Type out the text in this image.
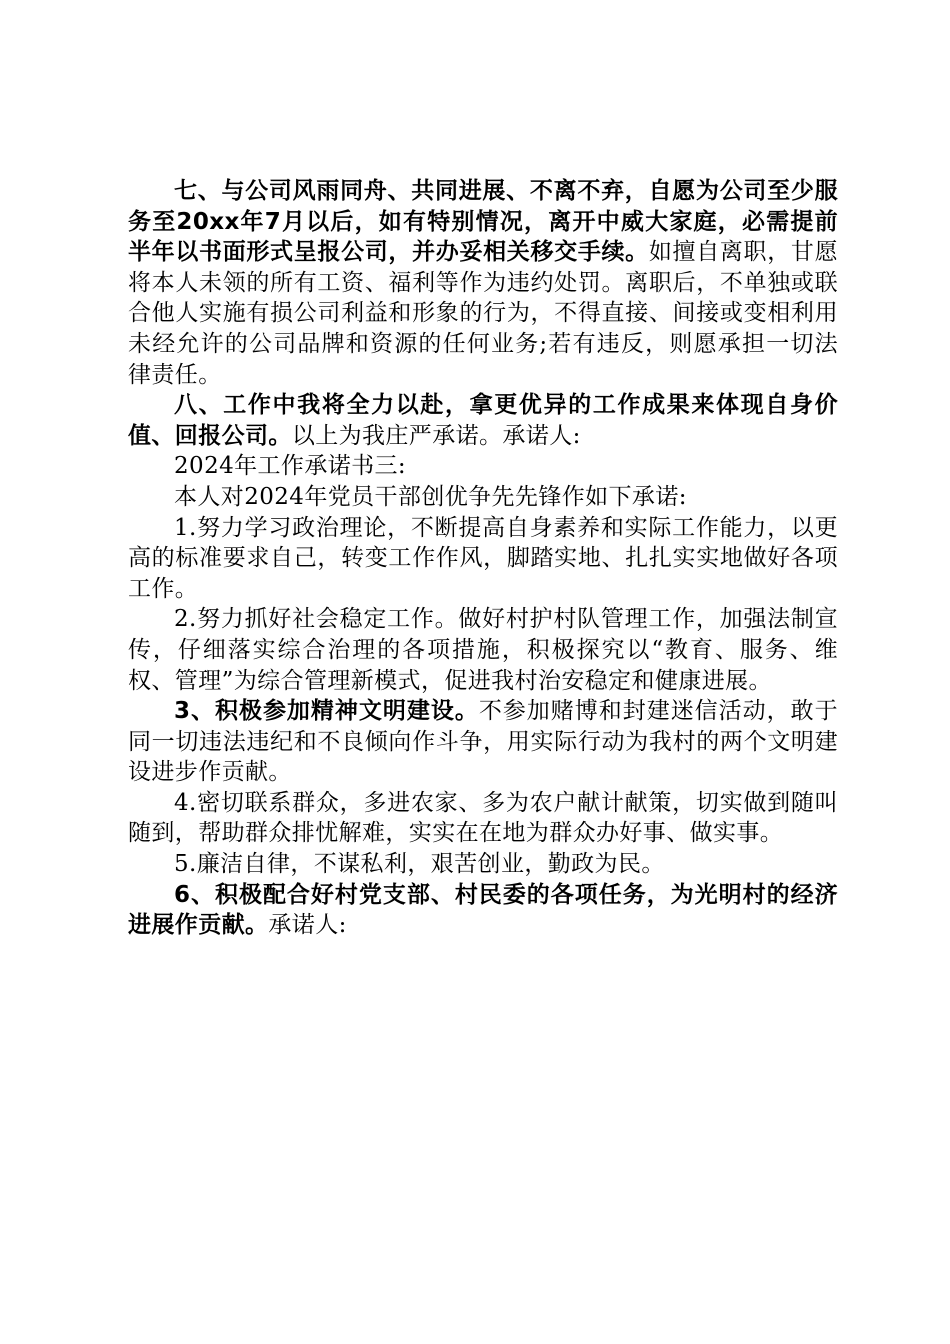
七、与公司风雨同舟、共同进展、不离不弃，自愿为公司至少服务至20xx年7月以后，如有特别情况，离开中威大家庭，必需提前半年以书面形式呈报公司，并办妥相关移交手续。如擅自离职，甘愿将本人未领的所有工资、福利等作为违约处罚。离职后，不单独或联合他人实施有损公司利益和形象的行为，不得直接、间接或变相利用未经允许的公司品牌和资源的任何业务;若有违反，则愿承担一切法律责任。

八、工作中我将全力以赴，拿更优异的工作成果来体现自身价值、回报公司。以上为我庄严承诺。承诺人:

2024年工作承诺书三:

本人对2024年党员干部创优争先先锋作如下承诺:

1.努力学习政治理论，不断提高自身素养和实际工作能力，以更高的标准要求自己，转变工作作风，脚踏实地、扎扎实实地做好各项工作。

2.努力抓好社会稳定工作。做好村护村队管理工作，加强法制宣传，仔细落实综合治理的各项措施，积极探究以“教育、服务、维权、管理”为综合管理新模式，促进我村治安稳定和健康进展。

3、积极参加精神文明建设。不参加赌博和封建迷信活动，敢于同一切违法违纪和不良倾向作斗争，用实际行动为我村的两个文明建设进步作贡献。

4.密切联系群众，多进农家、多为农户献计献策，切实做到随叫随到，帮助群众排忧解难，实实在在地为群众办好事、做实事。

5.廉洁自律，不谋私利，艰苦创业，勤政为民。

6、积极配合好村党支部、村民委的各项任务，为光明村的经济进展作贡献。承诺人:
